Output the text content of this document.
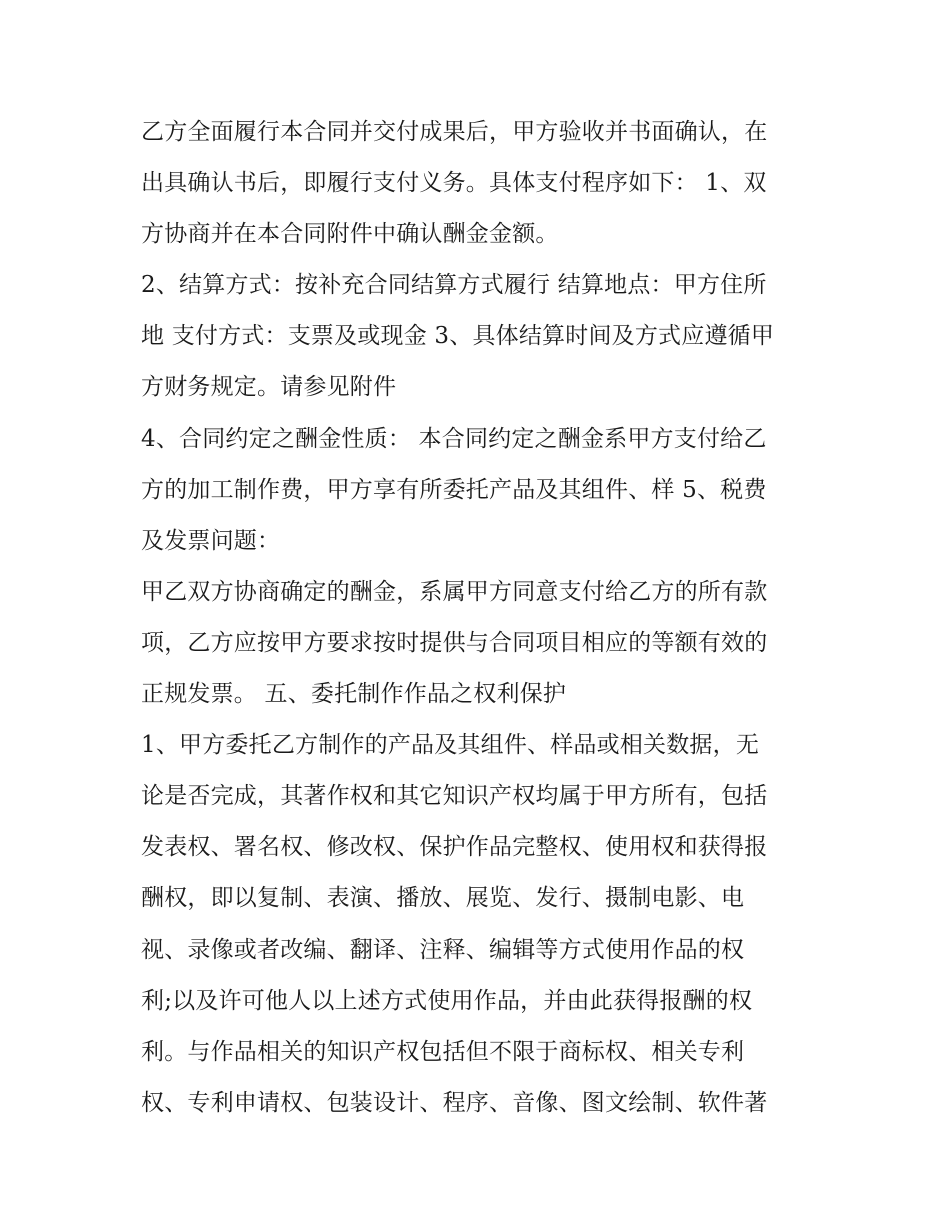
乙方全面履行本合同并交付成果后，甲方验收并书面确认，在
出具确认书后，即履行支付义务。具体支付程序如下： 1、双
方协商并在本合同附件中确认酬金金额。
2、结算方式：按补充合同结算方式履行 结算地点：甲方住所
地 支付方式：支票及或现金 3、具体结算时间及方式应遵循甲
方财务规定。请参见附件
4、合同约定之酬金性质： 本合同约定之酬金系甲方支付给乙
方的加工制作费，甲方享有所委托产品及其组件、样 5、税费
及发票问题：
甲乙双方协商确定的酬金，系属甲方同意支付给乙方的所有款
项，乙方应按甲方要求按时提供与合同项目相应的等额有效的
正规发票。 五、委托制作作品之权利保护
1、甲方委托乙方制作的产品及其组件、样品或相关数据，无
论是否完成，其著作权和其它知识产权均属于甲方所有，包括
发表权、署名权、修改权、保护作品完整权、使用权和获得报
酬权，即以复制、表演、播放、展览、发行、摄制电影、电
视、录像或者改编、翻译、注释、编辑等方式使用作品的权
利;以及许可他人以上述方式使用作品，并由此获得报酬的权
利。与作品相关的知识产权包括但不限于商标权、相关专利
权、专利申请权、包装设计、程序、音像、图文绘制、软件著
